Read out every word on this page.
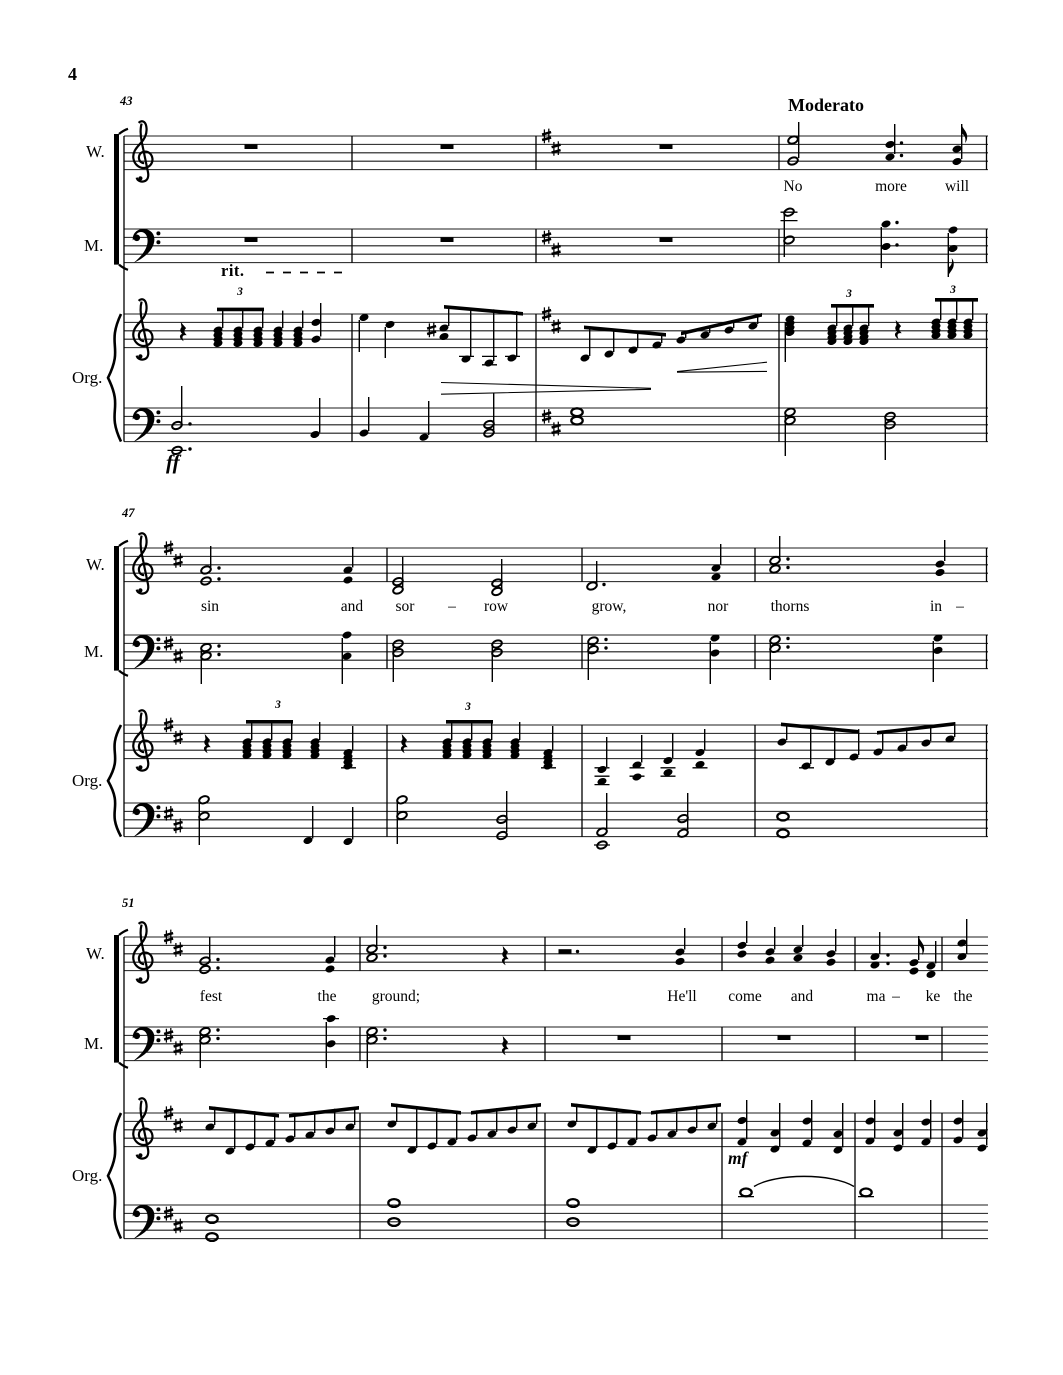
4
Moderato
rit.
ff
mf
3	3	3
3	3
43
W.
M.
Org.
No	more will
47
W.
M.
Org.
sin	and sor – row	grow,	nor	thorns	in –
51
W.
M.
Org.
fest	the ground;	He'll come and	ma – ke the
